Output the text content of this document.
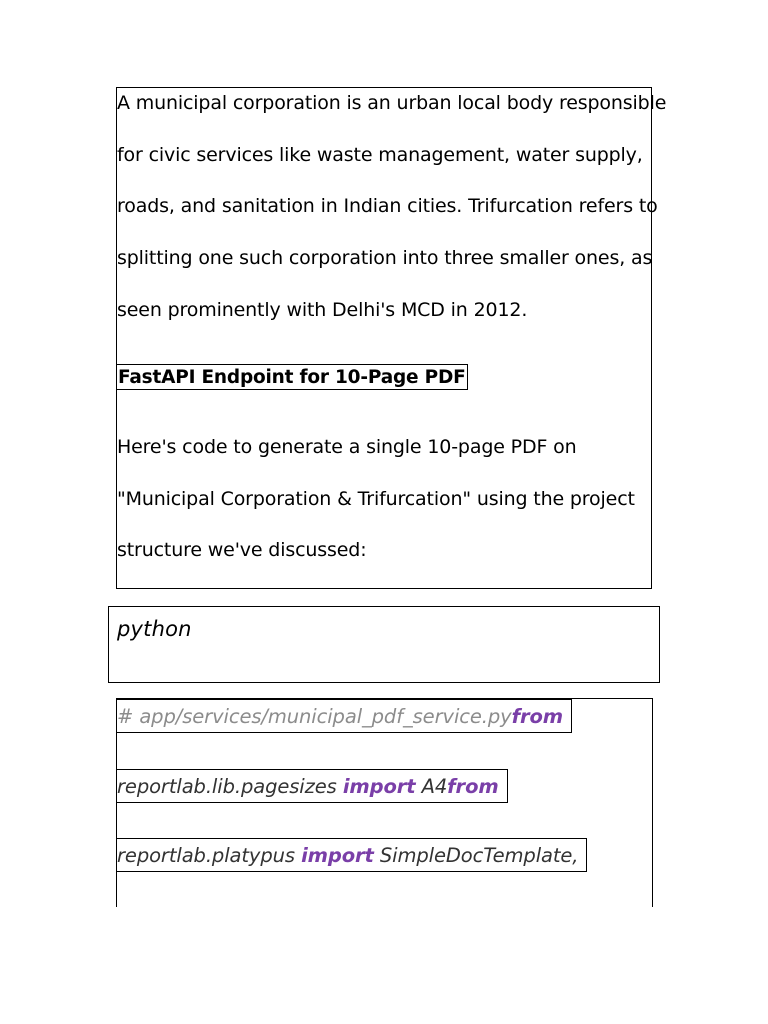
A municipal corporation is an urban local body responsible
for civic services like waste management, water supply,
roads, and sanitation in Indian cities. Trifurcation refers to
splitting one such corporation into three smaller ones, as
seen prominently with Delhi's MCD in 2012.

FastAPI Endpoint for 10-Page PDF

Here's code to generate a single 10-page PDF on
"Municipal Corporation & Trifurcation" using the project
structure we've discussed:

python
# app/services/municipal_pdf_service.pyfrom
reportlab.lib.pagesizes import A4from
reportlab.platypus import SimpleDocTemplate,
